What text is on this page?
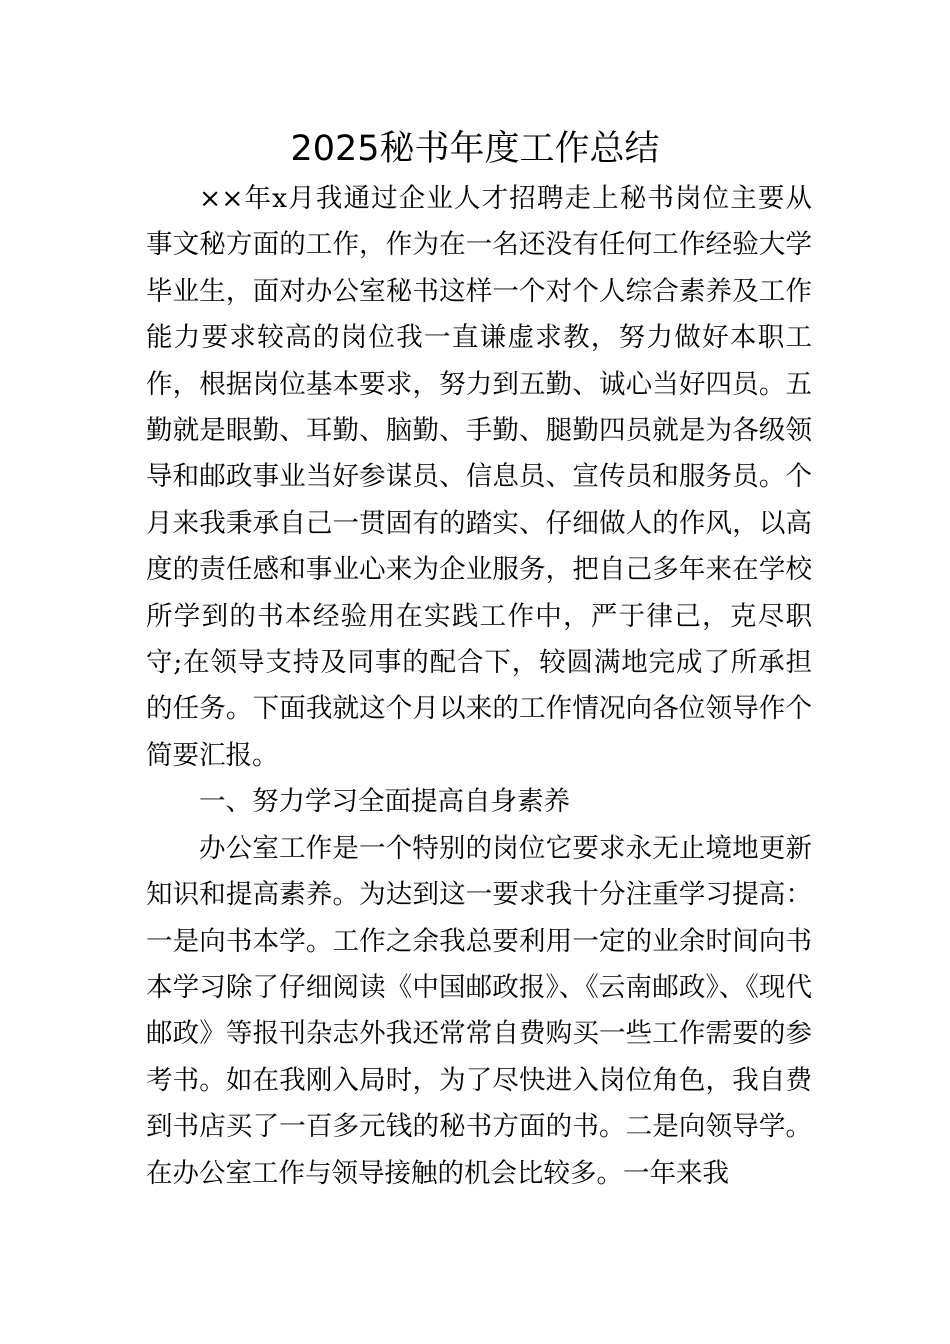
2025秘书年度工作总结

××年x月我通过企业人才招聘走上秘书岗位主要从事文秘方面的工作，作为在一名还没有任何工作经验大学毕业生，面对办公室秘书这样一个对个人综合素养及工作能力要求较高的岗位我一直谦虚求教，努力做好本职工作，根据岗位基本要求，努力到五勤、诚心当好四员。五勤就是眼勤、耳勤、脑勤、手勤、腿勤四员就是为各级领导和邮政事业当好参谋员、信息员、宣传员和服务员。个月来我秉承自己一贯固有的踏实、仔细做人的作风，以高度的责任感和事业心来为企业服务，把自己多年来在学校所学到的书本经验用在实践工作中，严于律己，克尽职守;在领导支持及同事的配合下，较圆满地完成了所承担的任务。下面我就这个月以来的工作情况向各位领导作个简要汇报。

一、努力学习全面提高自身素养

办公室工作是一个特别的岗位它要求永无止境地更新知识和提高素养。为达到这一要求我十分注重学习提高：一是向书本学。工作之余我总要利用一定的业余时间向书本学习除了仔细阅读《中国邮政报》、《云南邮政》、《现代邮政》等报刊杂志外我还常常自费购买一些工作需要的参考书。如在我刚入局时，为了尽快进入岗位角色，我自费到书店买了一百多元钱的秘书方面的书。二是向领导学。在办公室工作与领导接触的机会比较多。一年来我
